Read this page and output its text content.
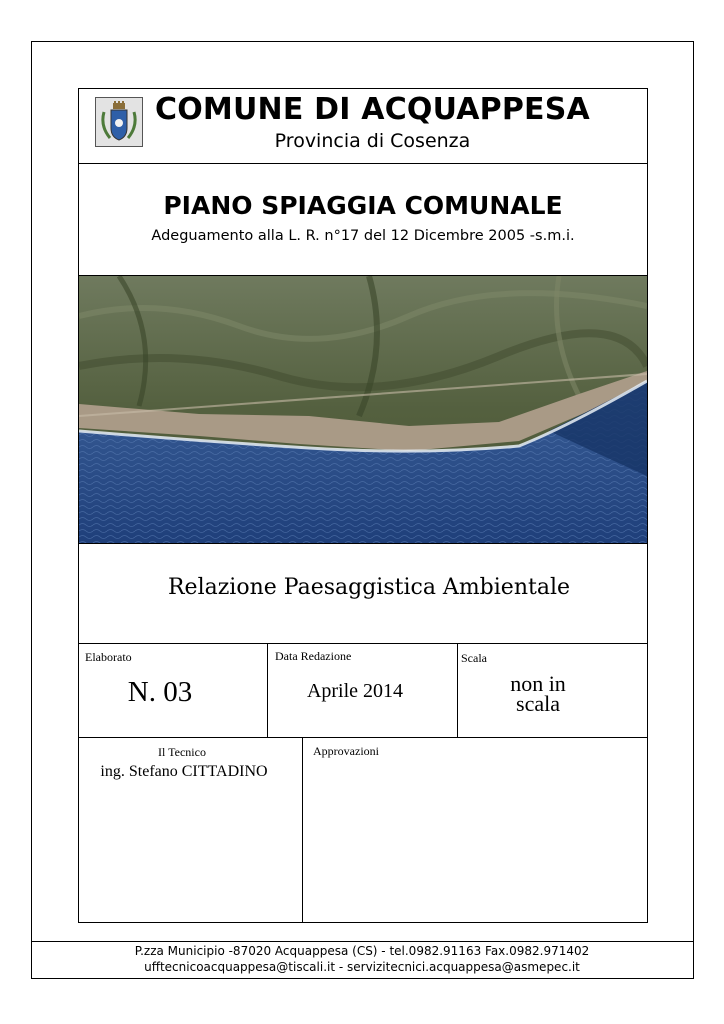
COMUNE DI ACQUAPPESA
Provincia di Cosenza
PIANO SPIAGGIA COMUNALE
Adeguamento alla L. R. n°17 del 12 Dicembre 2005 -s.m.i.
Relazione Paesaggistica Ambientale
Elaborato
N. 03
Data Redazione
Aprile 2014
Scala
non in
scala
Il Tecnico
ing. Stefano CITTADINO
Approvazioni
P.zza Municipio -87020 Acquappesa (CS) - tel.0982.91163 Fax.0982.971402
ufftecnicoacquappesa@tiscali.it - servizitecnici.acquappesa@asmepec.it
